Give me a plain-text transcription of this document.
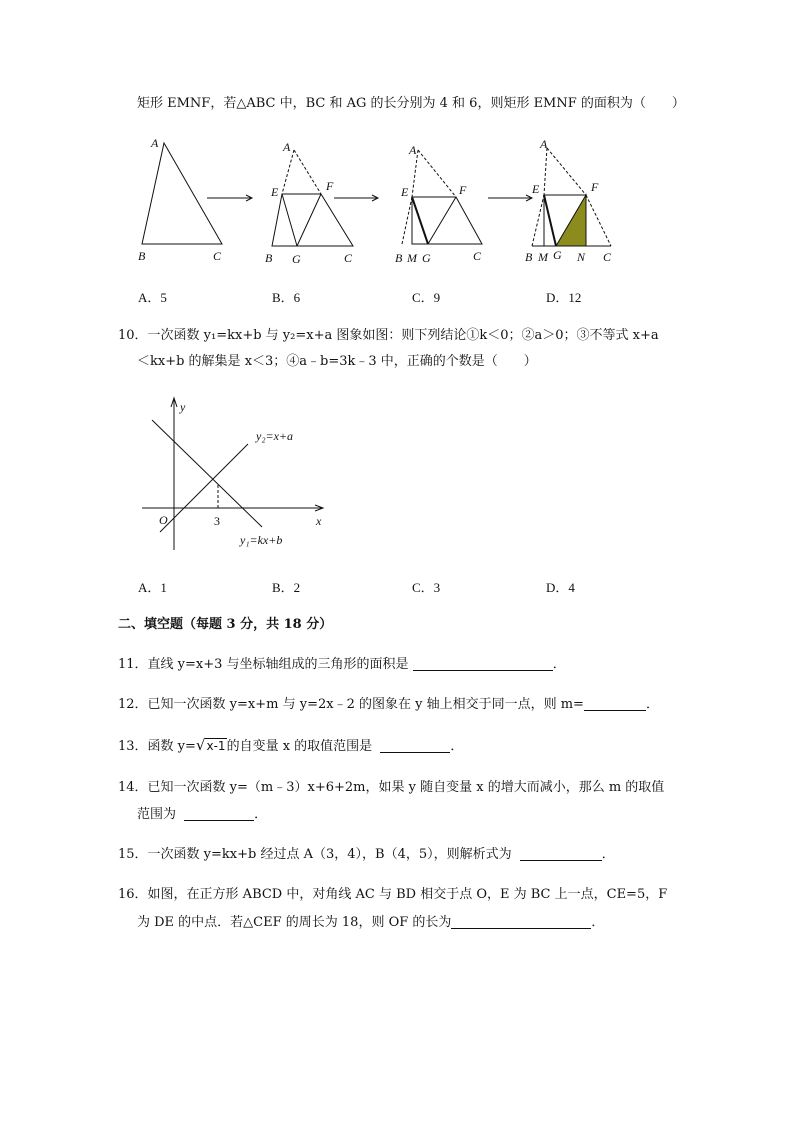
矩形 EMNF，若△ABC 中，BC 和 AG 的长分别为 4 和 6，则矩形 EMNF 的面积为（　　）
A
B	C
A
E	F
B G	C
A
E	F
B M G	C
A
E	F
B M G N C
A．5	B．6	C．9	D．12
10．一次函数 y₁=kx+b 与 y₂=x+a 图象如图：则下列结论①k＜0；②a＞0；③不等式 x+a
＜kx+b 的解集是 x＜3；④a﹣b=3k﹣3 中，正确的个数是（　　）
y
x
O	3
y₂=x+a
y₁=kx+b
A．1	B．2	C．3	D．4
二、填空题（每题 3 分，共 18 分）
11．直线 y=x+3 与坐标轴组成的三角形的面积是	．
12．已知一次函数 y=x+m 与 y=2x﹣2 的图象在 y 轴上相交于同一点，则 m=	．
13．函数 y=√x-1的自变量 x 的取值范围是	．
14．已知一次函数 y=（m﹣3）x+6+2m，如果 y 随自变量 x 的增大而减小，那么 m 的取值
范围为	．
15．一次函数 y=kx+b 经过点 A（3，4），B（4，5），则解析式为	．
16．如图，在正方形 ABCD 中，对角线 AC 与 BD 相交于点 O，E 为 BC 上一点，CE=5，F
为 DE 的中点．若△CEF 的周长为 18，则 OF 的长为	．
